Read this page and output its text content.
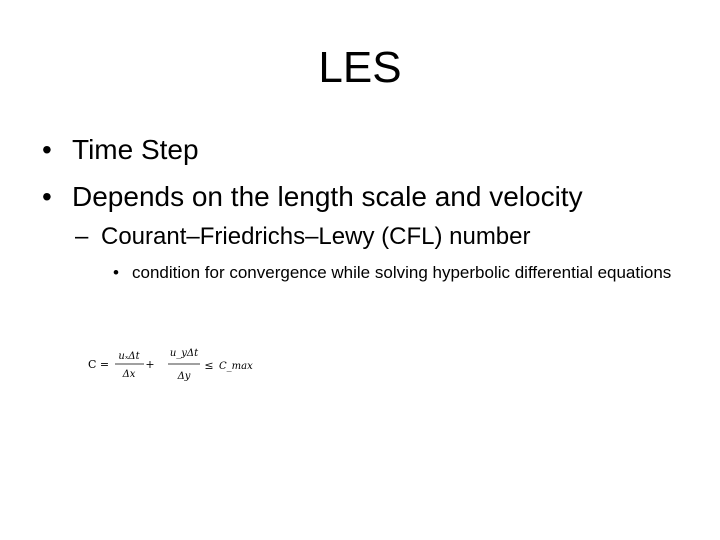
LES
• Time Step
• Depends on the length scale and velocity
– Courant–Friedrichs–Lewy (CFL) number
• condition for convergence while solving hyperbolic differential equations
C =
uₓΔt
Δx
+
u_yΔt
Δy
≤ C_max
